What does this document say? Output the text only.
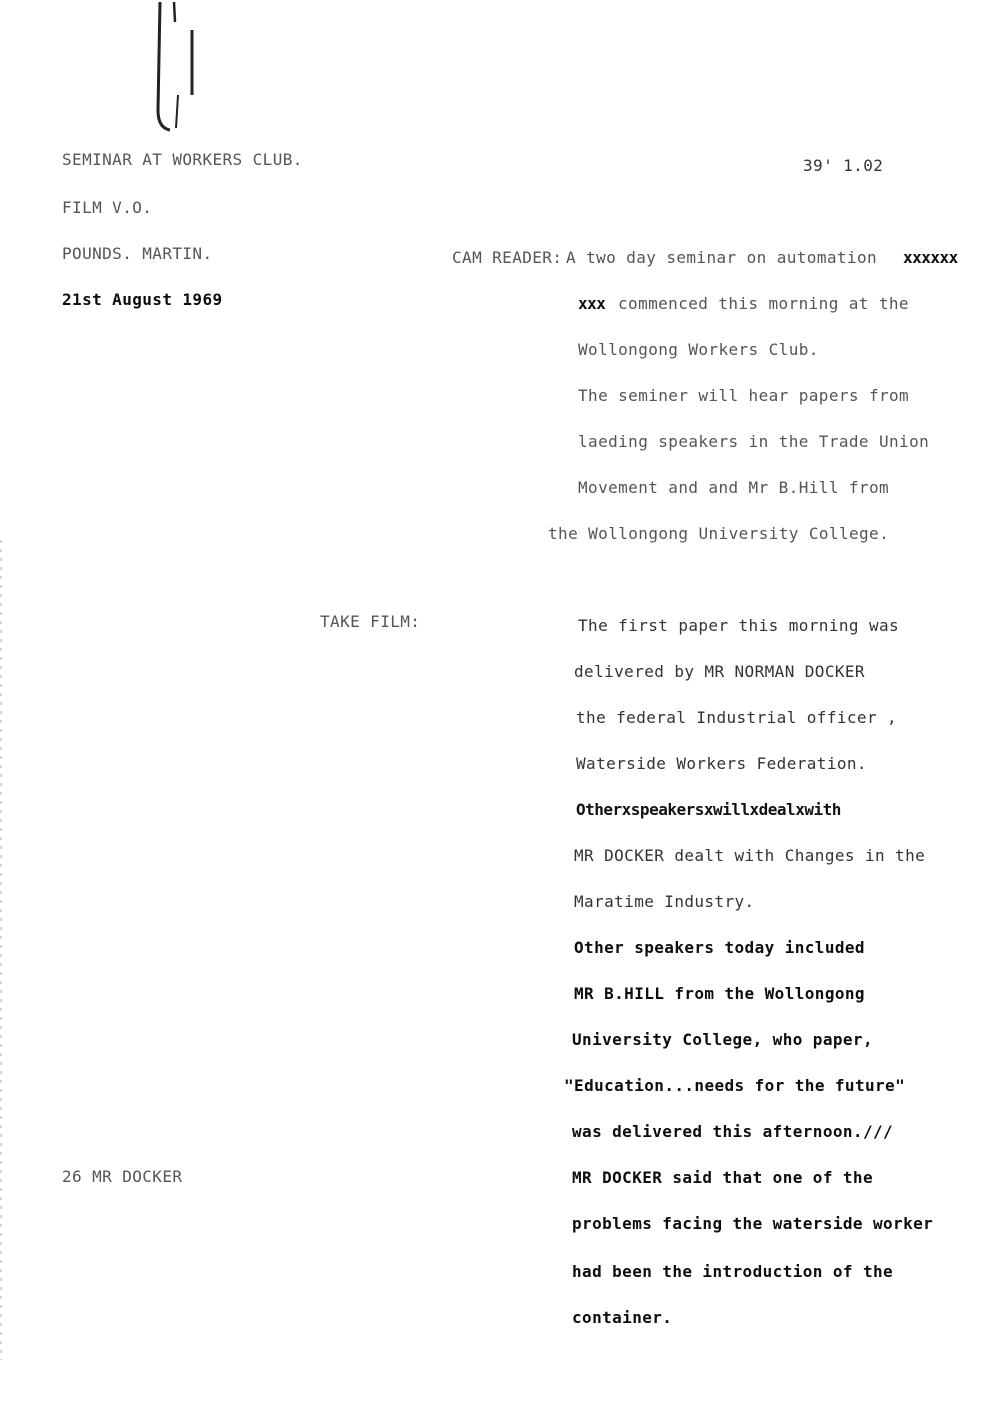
SEMINAR AT WORKERS CLUB.
FILM V.O.
POUNDS. MARTIN.
21st August 1969
39' 1.02
CAM READER:
TAKE FILM:
26 MR DOCKER
A two day seminar on automation xxxxxx
xxx commenced this morning at the
Wollongong Workers Club.
The seminer will hear papers from
laeding speakers in the Trade Union
Movement and and Mr B.Hill from
the Wollongong University College.
The first paper this morning was
delivered by MR NORMAN DOCKER
the federal Industrial officer ,
Waterside Workers Federation.
Otherxspeakersxwillxdealxwith
MR DOCKER dealt with Changes in the
Maratime Industry.
Other speakers today included
MR B.HILL from the Wollongong
University College, who paper,
"Education...needs for the future"
was delivered this afternoon.///
MR DOCKER said that one of the
problems facing the waterside worker
had been the introduction of the
container.
